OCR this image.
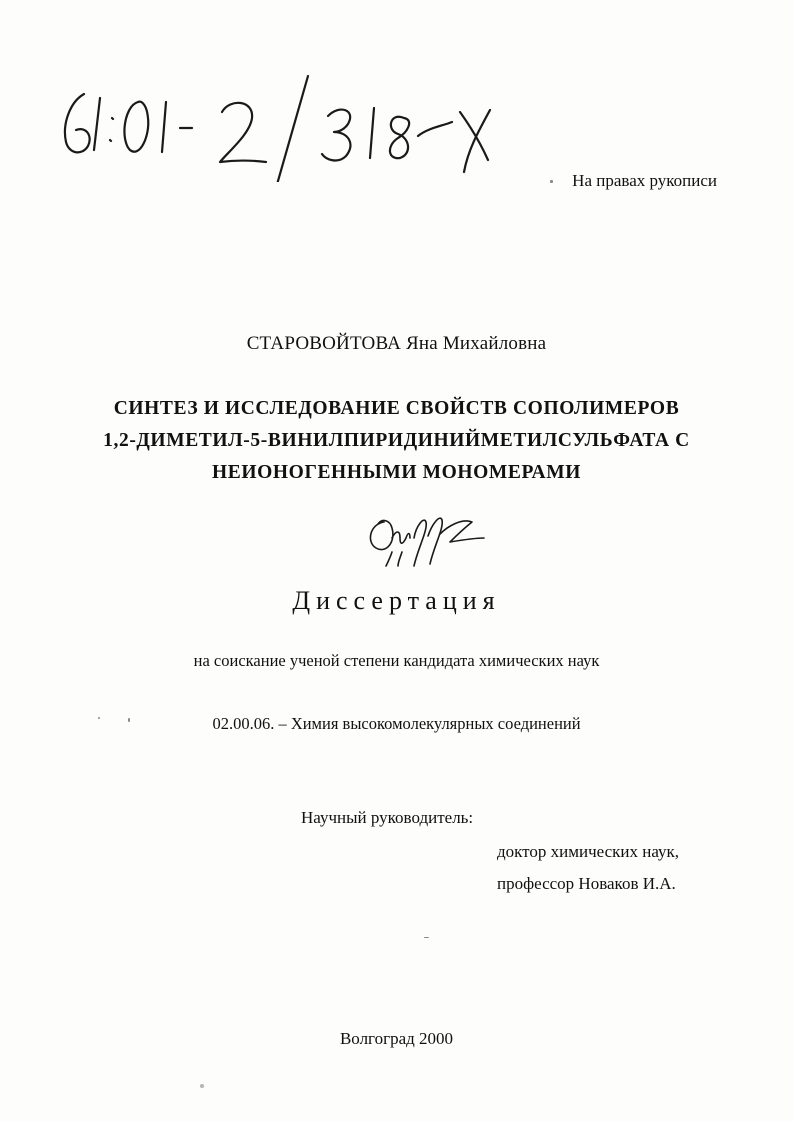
На правах рукописи
СТАРОВОЙТОВА Яна Михайловна
СИНТЕЗ И ИССЛЕДОВАНИЕ СВОЙСТВ СОПОЛИМЕРОВ
1,2-ДИМЕТИЛ-5-ВИНИЛПИРИДИНИЙМЕТИЛСУЛЬФАТА С
НЕИОНОГЕННЫМИ МОНОМЕРАМИ
Диссертация
на соискание ученой степени кандидата химических наук
02.00.06. – Химия высокомолекулярных соединений
Научный руководитель:
доктор химических наук,
профессор Новаков И.А.
Волгоград 2000
